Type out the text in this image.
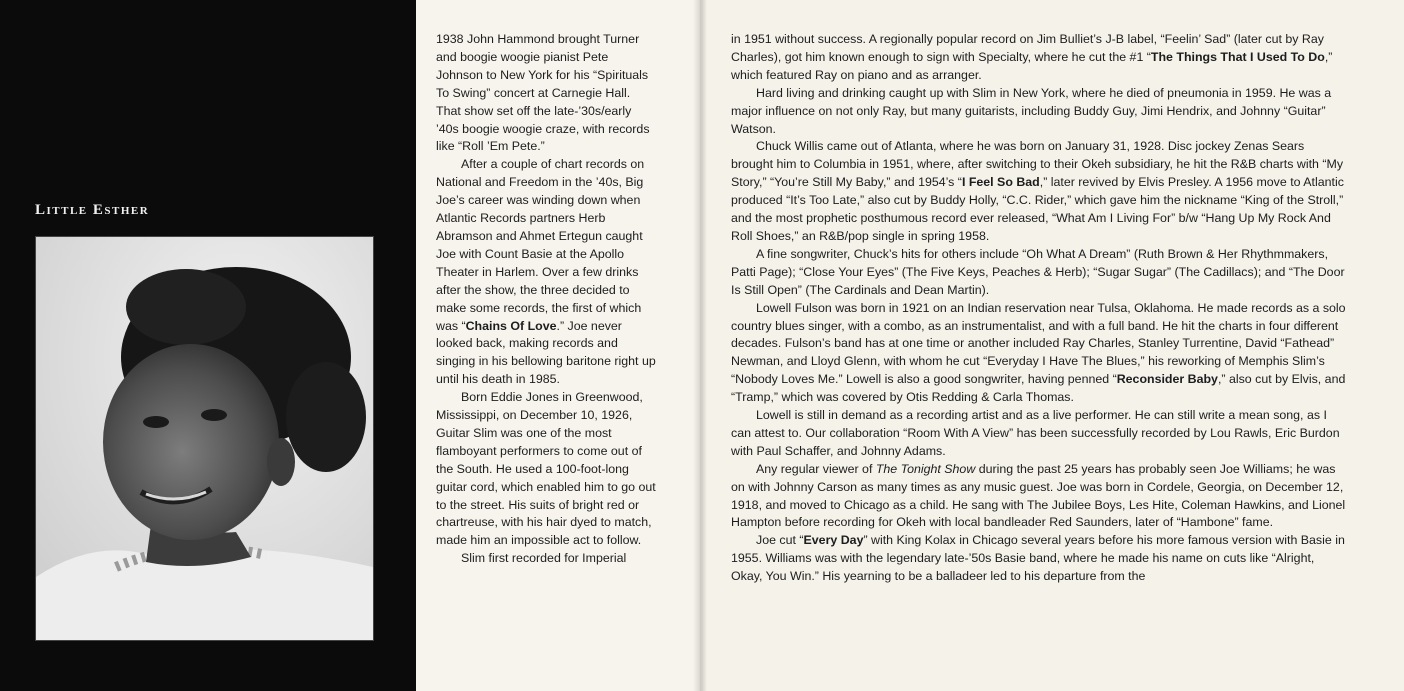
Little Esther

1938 John Hammond brought Turner and boogie woogie pianist Pete Johnson to New York for his “Spirituals To Swing” concert at Carnegie Hall. That show set off the late-’30s/early ’40s boogie woogie craze, with records like “Roll ’Em Pete.”

After a couple of chart records on National and Freedom in the ’40s, Big Joe’s career was winding down when Atlantic Records partners Herb Abramson and Ahmet Ertegun caught Joe with Count Basie at the Apollo Theater in Harlem. Over a few drinks after the show, the three decided to make some records, the first of which was “Chains Of Love.” Joe never looked back, making records and singing in his bellowing baritone right up until his death in 1985.

Born Eddie Jones in Greenwood, Mississippi, on December 10, 1926, Guitar Slim was one of the most flamboyant performers to come out of the South. He used a 100-foot-long guitar cord, which enabled him to go out to the street. His suits of bright red or chartreuse, with his hair dyed to match, made him an impossible act to follow.

Slim first recorded for Imperial

in 1951 without success. A regionally popular record on Jim Bulliet’s J-B label, “Feelin’ Sad” (later cut by Ray Charles), got him known enough to sign with Specialty, where he cut the #1 “The Things That I Used To Do,” which featured Ray on piano and as arranger.

Hard living and drinking caught up with Slim in New York, where he died of pneumonia in 1959. He was a major influence on not only Ray, but many guitarists, including Buddy Guy, Jimi Hendrix, and Johnny “Guitar” Watson.

Chuck Willis came out of Atlanta, where he was born on January 31, 1928. Disc jockey Zenas Sears brought him to Columbia in 1951, where, after switching to their Okeh subsidiary, he hit the R&B charts with “My Story,” “You’re Still My Baby,” and 1954’s “I Feel So Bad,” later revived by Elvis Presley. A 1956 move to Atlantic produced “It’s Too Late,” also cut by Buddy Holly, “C.C. Rider,” which gave him the nickname “King of the Stroll,” and the most prophetic posthumous record ever released, “What Am I Living For” b/w “Hang Up My Rock And Roll Shoes,” an R&B/pop single in spring 1958.

A fine songwriter, Chuck’s hits for others include “Oh What A Dream” (Ruth Brown & Her Rhythmmakers, Patti Page); “Close Your Eyes” (The Five Keys, Peaches & Herb); “Sugar Sugar” (The Cadillacs); and “The Door Is Still Open” (The Cardinals and Dean Martin).

Lowell Fulson was born in 1921 on an Indian reservation near Tulsa, Oklahoma. He made records as a solo country blues singer, with a combo, as an instrumentalist, and with a full band. He hit the charts in four different decades. Fulson’s band has at one time or another included Ray Charles, Stanley Turrentine, David “Fathead” Newman, and Lloyd Glenn, with whom he cut “Everyday I Have The Blues,” his reworking of Memphis Slim’s “Nobody Loves Me.” Lowell is also a good songwriter, having penned “Reconsider Baby,” also cut by Elvis, and “Tramp,” which was covered by Otis Redding & Carla Thomas.

Lowell is still in demand as a recording artist and as a live performer. He can still write a mean song, as I can attest to. Our collaboration “Room With A View” has been successfully recorded by Lou Rawls, Eric Burdon with Paul Schaffer, and Johnny Adams.

Any regular viewer of The Tonight Show during the past 25 years has probably seen Joe Williams; he was on with Johnny Carson as many times as any music guest. Joe was born in Cordele, Georgia, on December 12, 1918, and moved to Chicago as a child. He sang with The Jubilee Boys, Les Hite, Coleman Hawkins, and Lionel Hampton before recording for Okeh with local bandleader Red Saunders, later of “Hambone” fame.

Joe cut “Every Day” with King Kolax in Chicago several years before his more famous version with Basie in 1955. Williams was with the legendary late-’50s Basie band, where he made his name on cuts like “Alright, Okay, You Win.” His yearning to be a balladeer led to his departure from the
